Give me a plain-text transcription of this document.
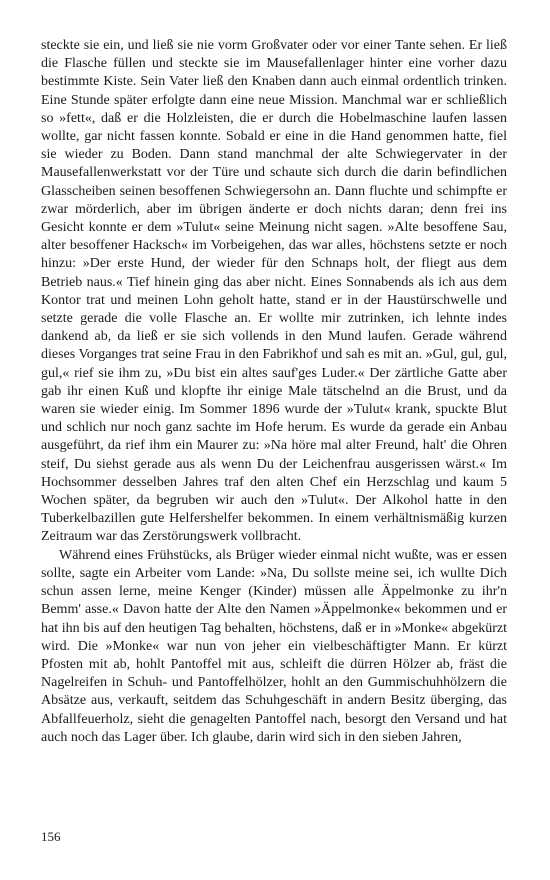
steckte sie ein, und ließ sie nie vorm Großvater oder vor einer Tante sehen. Er ließ die Flasche füllen und steckte sie im Mausefallenlager hinter eine vorher dazu bestimmte Kiste. Sein Vater ließ den Knaben dann auch einmal ordentlich trinken. Eine Stunde später erfolgte dann eine neue Mission. Manchmal war er schließlich so »fett«, daß er die Holzleisten, die er durch die Hobelmaschine laufen lassen wollte, gar nicht fassen konnte. Sobald er eine in die Hand genommen hatte, fiel sie wieder zu Boden. Dann stand manchmal der alte Schwiegervater in der Mausefallenwerkstatt vor der Türe und schaute sich durch die darin befindlichen Glasscheiben seinen besoffenen Schwiegersohn an. Dann fluchte und schimpfte er zwar mörderlich, aber im übrigen änderte er doch nichts daran; denn frei ins Gesicht konnte er dem »Tulut« seine Meinung nicht sagen. »Alte besoffene Sau, alter besoffener Hacksch« im Vorbeigehen, das war alles, höchstens setzte er noch hinzu: »Der erste Hund, der wieder für den Schnaps holt, der fliegt aus dem Betrieb naus.« Tief hinein ging das aber nicht. Eines Sonnabends als ich aus dem Kontor trat und meinen Lohn geholt hatte, stand er in der Haustürschwelle und setzte gerade die volle Flasche an. Er wollte mir zutrinken, ich lehnte indes dankend ab, da ließ er sie sich vollends in den Mund laufen. Gerade während dieses Vorganges trat seine Frau in den Fabrikhof und sah es mit an. »Gul, gul, gul, gul,« rief sie ihm zu, »Du bist ein altes sauf'ges Luder.« Der zärtliche Gatte aber gab ihr einen Kuß und klopfte ihr einige Male tätschelnd an die Brust, und da waren sie wieder einig. Im Sommer 1896 wurde der »Tulut« krank, spuckte Blut und schlich nur noch ganz sachte im Hofe herum. Es wurde da gerade ein Anbau ausgeführt, da rief ihm ein Maurer zu: »Na höre mal alter Freund, halt' die Ohren steif, Du siehst gerade aus als wenn Du der Leichenfrau ausgerissen wärst.« Im Hochsommer desselben Jahres traf den alten Chef ein Herzschlag und kaum 5 Wochen später, da begruben wir auch den »Tulut«. Der Alkohol hatte in den Tuberkelbazillen gute Helfershelfer bekommen. In einem verhältnismäßig kurzen Zeitraum war das Zerstörungswerk vollbracht.

Während eines Frühstücks, als Brüger wieder einmal nicht wußte, was er essen sollte, sagte ein Arbeiter vom Lande: »Na, Du sollste meine sei, ich wullte Dich schun assen lerne, meine Kenger (Kinder) müssen alle Äppelmonke zu ihr'n Bemm' asse.« Davon hatte der Alte den Namen »Äppelmonke« bekommen und er hat ihn bis auf den heutigen Tag behalten, höchstens, daß er in »Monke« abgekürzt wird. Die »Monke« war nun von jeher ein vielbeschäftigter Mann. Er kürzt Pfosten mit ab, hohlt Pantoffel mit aus, schleift die dürren Hölzer ab, fräst die Nagelreifen in Schuh- und Pantoffelhölzer, hohlt an den Gummischuhhölzern die Absätze aus, verkauft, seitdem das Schuhgeschäft in andern Besitz überging, das Abfallfeuerholz, sieht die genagelten Pantoffel nach, besorgt den Versand und hat auch noch das Lager über. Ich glaube, darin wird sich in den sieben Jahren,

156
